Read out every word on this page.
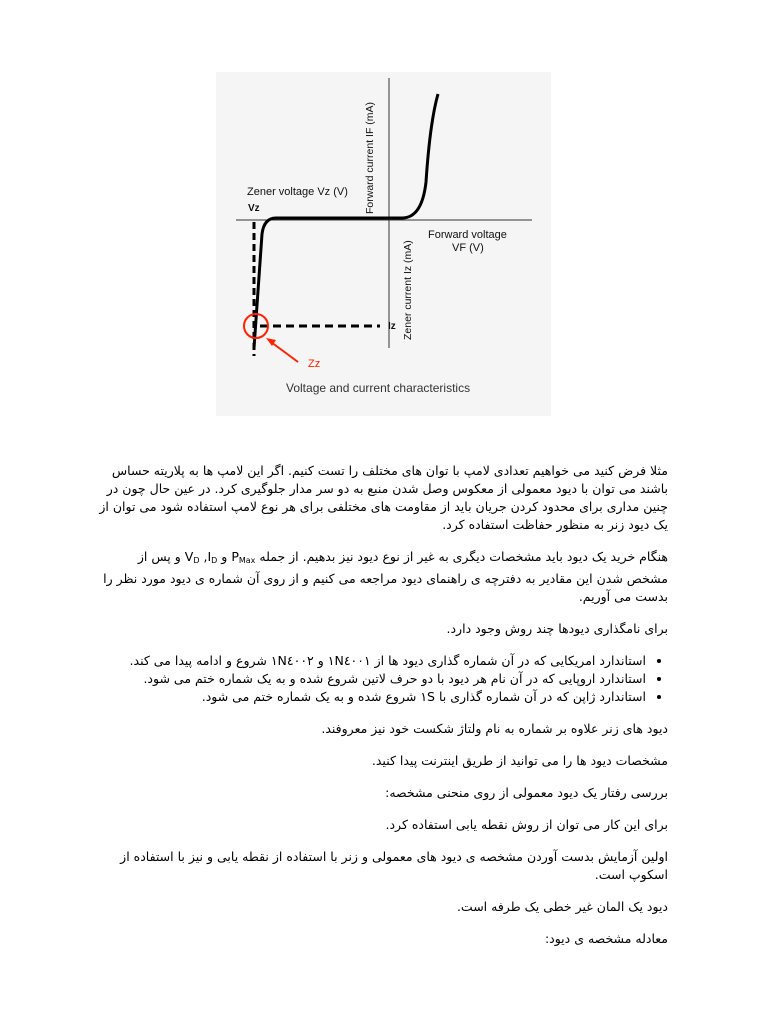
Forward current IF (mA)
Forward voltage
VF (V)
Zener voltage Vz (V)
Vz
Iz Zener current Iz (mA)
Zz
Voltage and current characteristics

مثلا فرض کنید می خواهیم تعدادی لامپ با توان های مختلف را تست کنیم. اگر این لامپ ها به پلاریته حساس باشند می توان با دیود معمولی از معکوس وصل شدن منبع به دو سر مدار جلوگیری کرد. در عین حال چون در چنین مداری برای محدود کردن جریان باید از مقاومت های مختلفی برای هر نوع لامپ استفاده شود می توان از یک دیود زنر به منظور حفاظت استفاده کرد.

هنگام خرید یک دیود باید مشخصات دیگری به غیر از نوع دیود نیز بدهیم. از جمله $P_{Max}$ و $V_D$ $,I_D$ و پس از مشخص شدن این مقادیر به دفترچه ی راهنمای دیود مراجعه می کنیم و از روی آن شماره ی دیود مورد نظر را بدست می آوریم.

برای نامگذاری دیودها چند روش وجود دارد.

• استاندارد امریکایی که در آن شماره گذاری دیود ها از ۱N٤۰۰۱ و ۱N٤۰۰۲ شروع و ادامه پیدا می کند.
• استاندارد اروپایی که در آن نام هر دیود با دو حرف لاتین شروع شده و به یک شماره ختم می شود.
• استاندارد ژاپن که در آن شماره گذاری با ۱S شروع شده و به یک شماره ختم می شود.

دیود های زنر علاوه بر شماره به نام ولتاژ شکست خود نیز معروفند.

مشخصات دیود ها را می توانید از طریق اینترنت پیدا کنید.

بررسی رفتار یک دیود معمولی از روی منحنی مشخصه:

برای این کار می توان از روش نقطه یابی استفاده کرد.

اولین آزمایش بدست آوردن مشخصه ی دیود های معمولی و زنر با استفاده از نقطه یابی و نیز با استفاده از اسکوپ است.

دیود یک المان غیر خطی یک طرفه است.

معادله مشخصه ی دیود:
